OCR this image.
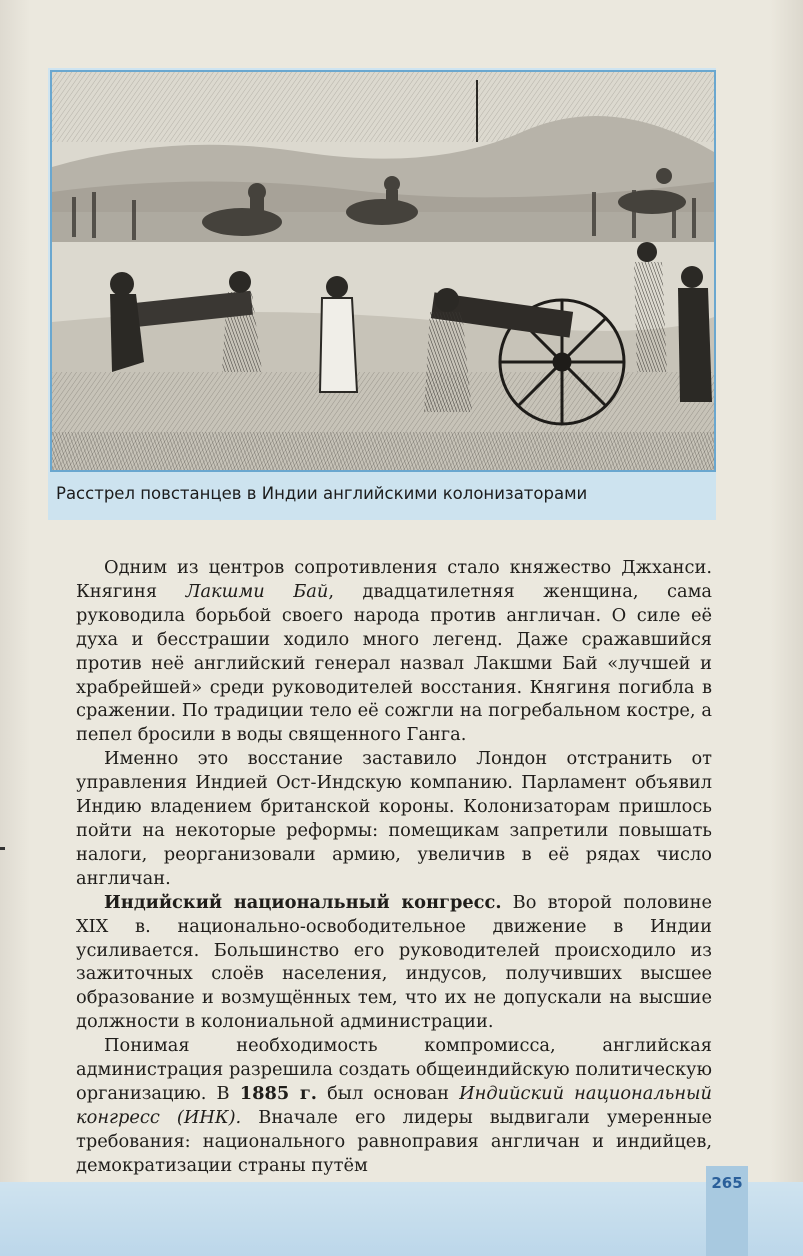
Расстрел повстанцев в Индии английскими колонизаторами

Одним из центров сопротивления стало княжество Джханси. Княгиня Лакшми Бай, двадцатилетняя женщина, сама руководила борьбой своего народа против англичан. О силе её духа и бесстрашии ходило много легенд. Даже сражавшийся против неё английский генерал назвал Лакшми Бай «лучшей и храбрейшей» среди руководителей восстания. Княгиня погибла в сражении. По традиции тело её сожгли на погребальном костре, а пепел бросили в воды священного Ганга.

Именно это восстание заставило Лондон отстранить от управления Индией Ост-Индскую компанию. Парламент объявил Индию владением британской короны. Колонизаторам пришлось пойти на некоторые реформы: помещикам запретили повышать налоги, реорганизовали армию, увеличив в её рядах число англичан.

Индийский национальный конгресс. Во второй половине XIX в. национально-освободительное движение в Индии усиливается. Большинство его руководителей происходило из зажиточных слоёв населения, индусов, получивших высшее образование и возмущённых тем, что их не допускали на высшие должности в колониальной администрации.

Понимая необходимость компромисса, английская администрация разрешила создать общеиндийскую политическую организацию. В 1885 г. был основан Индийский национальный конгресс (ИНК). Вначале его лидеры выдвигали умеренные требования: национального равноправия англичан и индийцев, демократизации страны путём

265
